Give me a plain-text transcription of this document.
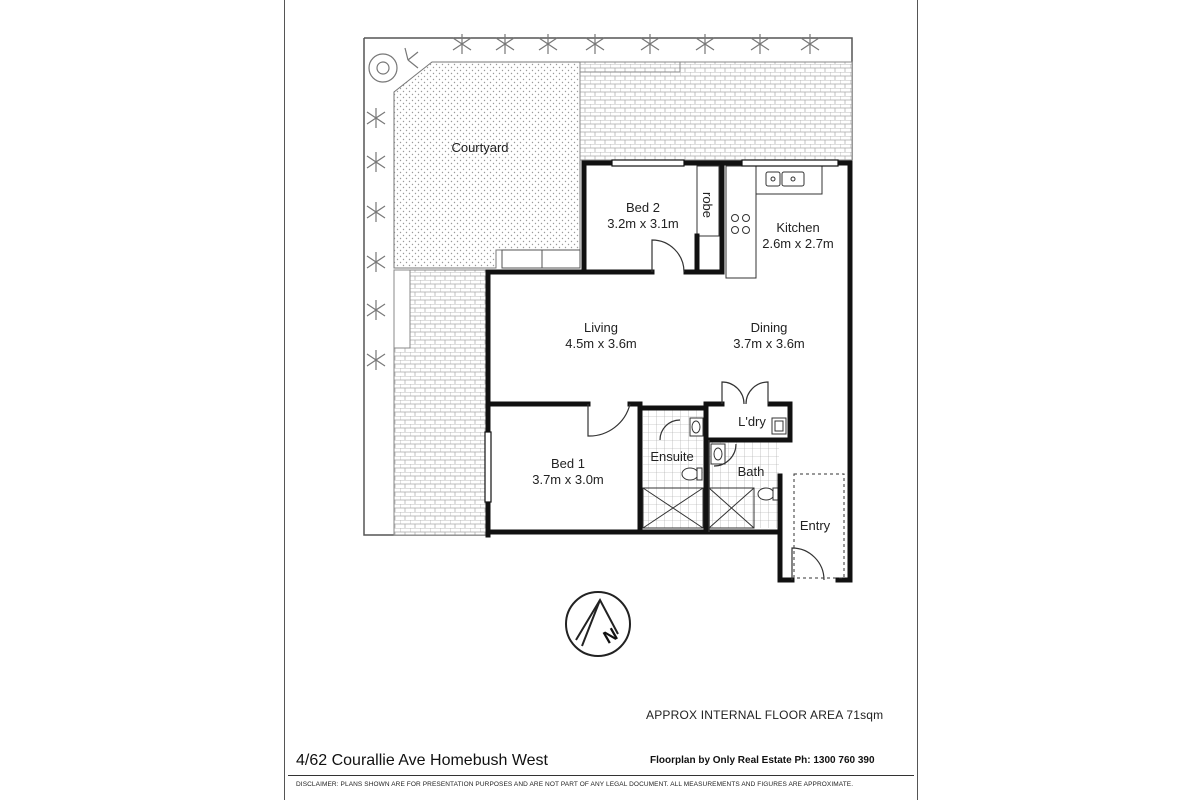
N
Courtyard
Bed 2
3.2m x 3.1m
robe
Kitchen
2.6m x 2.7m
Living
4.5m x 3.6m
Dining
3.7m x 3.6m
L'dry
Ensuite
Bath
Bed 1
3.7m x 3.0m
Entry
APPROX INTERNAL FLOOR AREA 71sqm
4/62 Courallie Ave Homebush West	Floorplan by Only Real Estate Ph: 1300 760 390
DISCLAIMER: PLANS SHOWN ARE FOR PRESENTATION PURPOSES AND ARE NOT PART OF ANY LEGAL DOCUMENT. ALL MEASUREMENTS AND FIGURES ARE APPROXIMATE.
